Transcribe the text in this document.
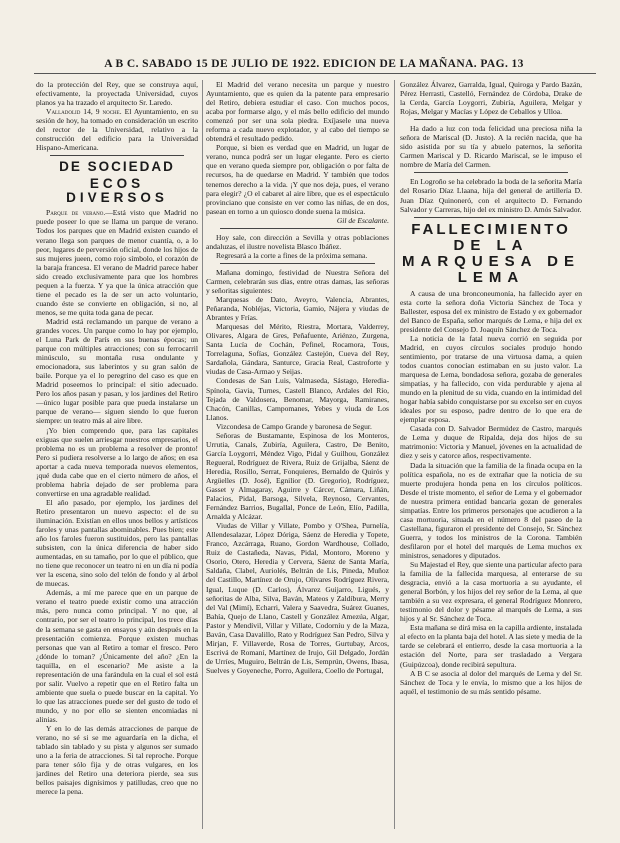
A B C. SABADO 15 DE JULIO DE 1922. EDICION DE LA MAÑANA. PAG. 13

do la protección del Rey, que se construya aquí, efectivamente, la proyectada Universidad, cuyos planos ya ha trazado el arquitecto Sr. Laredo.

Valladolid 14, 9 noche. El Ayuntamiento, en su sesión de hoy, ha tomado en consideración un escrito del rector de la Universidad, relativo a la construcción del edificio para la Universidad Hispano-Americana.

DE SOCIEDAD
ECOS DIVERSOS

Parque de verano.—Está visto que Madrid no puede poseer lo que se llama un parque de verano. Todos los parques que en Madrid existen cuando el verano llega son parques de menor cuantía, o, a lo peor, lugares de perversión oficial, donde los hijos de sus mujeres jueen, como rojo símbolo, el corazón de la baraja francesa. El verano de Madrid parece haber sido creado exclusivamente para que los hombres pequen a la fuerza. Y ya que la única atracción que tiene el pecado es la de ser un acto voluntario, cuando éste se convierte en obligación, si no, al menos, se me quita toda gana de pecar.

Madrid está reclamando un parque de verano a grandes voces. Un parque como lo hay por ejemplo, el Luna Park de París en sus buenas épocas; un parque con múltiples atracciones; con su ferrocarril minúsculo, su montaña rusa ondulante y emocionadora, sus laberintos y su gran salón de baile. Porque ya el lo peregrino del caso es que en Madrid poseemos lo principal: el sitio adecuado. Pero los años pasan y pasan, y los jardines del Retiro —único lugar posible para que pueda instalarse un parque de verano— siguen siendo lo que fueron siempre: un teatro más al aire libre.

¡Yo bien comprendo que, para las capitales exiguas que suelen arriesgar nuestros empresarios, el problema no es un problema a resolver de pronto! Pero si pudiera resolverse a lo largo de años; en esa aportar a cada nueva temporada nuevos elementos, ¡qué duda cabe que en el cierto número de años, el problema habría dejado de ser problema para convertirse en una agradable realidad.

El año pasado, por ejemplo, los jardines del Retiro presentaron un nuevo aspecto: el de su iluminación. Existían en ellos unos bellos y artísticos faroles y unas pantallas abominables. Pues bien; este año los faroles fueron sustituidos, pero las pantallas subsisten, con la única diferencia de haber sido aumentadas, en su tamaño, por lo que el público, que no tiene que reconocer un teatro ni en un día ni podía ver la escena, sino solo del telón de fondo y al árbol de muecas.

Además, a mí me parece que en un parque de verano el teatro puede existir como una atracción más, pero nunca como principal. Y no que, al contrario, por ser el teatro lo principal, los trece días de la semana se gasta en ensayos y aún después en la presentación comienza. Porque existen muchas personas que van al Retiro a tomar el fresco. Pero ¿dónde lo toman? ¿Únicamente del año? ¿En la taquilla, en el escenario? Me asiste a la representación de una farándula en la cual el sol está por salir. Vuelvo a repetir que en el Retiro falta un ambiente que suela o puede buscar en la capital. Yo lo que las atracciones puede ser del gusto de todo el mundo, y no por ello se sienten encomiadas ni alinias.

Y en lo de las demás atracciones de parque de verano, no sé si se me aguardaría en la dicha, el tablado sin tablado y su pista y algunos ser sumado uno a la feria de atracciones. Si tal reproche. Porque para tener sólo fija y de otras vulgares, en los jardines del Retiro una deteriora pierde, sea sus bellos paisajes dignísimos y patilludas, creo que no merece la pena.

El Madrid del verano necesita un parque y nuestro Ayuntamiento, que es quien da la patente para empresario del Retiro, debiera estudiar el caso. Con muchos pocos, acaba por formarse algo, y el más bello edificio del mundo comenzó por ser una sola piedra. Exíjasele una nueva reforma a cada nuevo explotador, y al cabo del tiempo se obtendrá el resultado pedido.

Porque, si bien es verdad que en Madrid, un lugar de verano, nunca podrá ser un lugar elegante. Pero es cierto que en verano queda siempre por, obligación o por falta de recursos, ha de quedarse en Madrid. Y también que todos tenemos derecho a la vida. ¡Y que nos deja, pues, el verano para elegir? ¿O el cabaret al aire libre, que es el espectáculo provinciano que consiste en ver como las niñas, de en dos, pasean en torno a un quiosco donde suena la música.

Gil de Escalante.

Hoy sale, con dirección a Sevilla y otras poblaciones andaluzas, el ilustre novelista Blasco Ibáñez.

Regresará a la corte a fines de la próxima semana.

Mañana domingo, festividad de Nuestra Señora del Carmen, celebrarán sus días, entre otras damas, las señoras y señoritas siguientes:

Marquesas de Dato, Aveyro, Valencia, Abrantes, Peñaranda, Nobléjas, Victoria, Gamio, Nájera y viudas de Abrantes y Frías.

Marquesas del Mérito, Riestra, Mortara, Valderrey, Olivares, Algara de Gres, Peñafuente, Ariénzo, Zurgena, Santa Lucía de Cochán, Pefinel, Rocamora, Tous, Torrelaguna, Sofías, González Castejón, Cueva del Rey, Sardañola, Gándara, Santurce, Gracia Real, Castroforte y viudas de Casa-Armao y Seijas.

Condesas de San Luis, Valmaseda, Sástago, Heredia-Spínola, Gavia, Turnes, Castell Blanco, Ardales del Río, Tejada de Valdosera, Benomar, Mayorga, Ramiranes, Chacón, Canillas, Campomanes, Yebes y viuda de Los Llanos.

Vizcondesa de Campo Grande y baronesa de Segur.

Señoras de Bustamante, Espinosa de los Monteros, Urrutia, Canals, Zubiría, Aguilera, Castro, De Benito, García Loygorri, Méndez Vigo, Pidal y Guilhou, González Regueral, Rodríguez de Rivera, Ruiz de Grijalba, Sáenz de Heredia, Rosillo, Serrat, Fonquieres, Bernaldo de Quirós y Argüelles (D. José), Egnilior (D. Gregorio), Rodríguez, Gasset y Almagaray, Aguirre y Cárcer, Cámara, Liñán, Palacios, Pidal, Barsoga, Silvela, Reynoso, Cervantes, Fernández Barrios, Bugallal, Ponce de León, Elío, Padilla, Arnalda y Alcázar.

Viudas de Villar y Villate, Pombo y O'Shea, Purnelía, Allendesalazar, López Dóriga, Sáenz de Heredia y Topete, Franco, Azcárraga, Ruano, Gordon Wardhouse, Collado, Ruiz de Castañeda, Navas, Pidal, Montoro, Moreno y Osorio, Otero, Heredia y Cervera, Sáenz de Santa María, Saldaña, Clabel, Auriolés, Beltrán de Lis, Pineda, Muñoz del Castillo, Martínez de Orujo, Olivares Rodríguez Rivera, Igual, Luque (D. Carlos), Álvarez Guijarro, Ligués, y señoritas de Alba, Silva, Baván, Mateos y Zaldíbura, Merry del Val (Mimí), Echarri, Valera y Saavedra, Suárez Guanes, Bahía, Quejo de Llano, Castell y González Amezúa, Algar, Pastor y Mendívil, Villar y Villate, Codorníu y de la Maza, Baván, Casa Davalillo, Rato y Rodríguez San Pedro, Silva y Mirjan, F. Villaverde, Rosa de Torres, Gurtubay, Arcos, Escrivá de Romaní, Martínez de Irujo, Gil Delgado, Jordán de Urríes, Muguiro, Beltrán de Lis, Semprún, Owens, Ibasa, Suelves y Goyeneche, Porro, Aguilera, Coello de Portugal,

González Álvarez, Garralda, Igual, Quiroga y Pardo Bazán, Pérez Herrasti, Castelló, Fernández de Córdoba, Drake de la Cerda, García Loygorri, Zubiría, Aguilera, Melgar y Rojas, Melgar y Macías y López de Ceballos y Ulloa.

Ha dado a luz con toda felicidad una preciosa niña la señora de Mariscal (D. Justo). A la recién nacida, que ha sido asistida por su tía y abuelo paternos, la señorita Carmen Mariscal y D. Ricardo Mariscal, se le impuso el nombre de María del Carmen.

En Logroño se ha celebrado la boda de la señorita María del Rosario Díaz Llaana, hija del general de artillería D. Juan Díaz Quinoneró, con el arquitecto D. Fernando Salvador y Carreras, hijo del ex ministro D. Amós Salvador.

FALLECIMIENTO
DE LA MARQUESA DE LEMA

A causa de una bronconeumonía, ha fallecido ayer en esta corte la señora doña Victoria Sánchez de Toca y Ballester, esposa del ex ministro de Estado y ex gobernador del Banco de España, señor marqués de Lema, e hija del ex presidente del Consejo D. Joaquín Sánchez de Toca.

La noticia de la fatal nueva corrió en seguida por Madrid, en cuyos círculos sociales produjo hondo sentimiento, por tratarse de una virtuosa dama, a quien todos cuantos conocían estimaban en su justo valor. La marquesa de Lema, bondadosa señora, gozaba de generales simpatías, y ha fallecido, con vida perdurable y ajena al mundo en la plenitud de su vida, cuando en la intimidad del hogar había sabido conquistarse por su excelso ser en cuyos ideales por su esposo, padre dentro de lo que era de ejemplar esposa.

Casada con D. Salvador Bermúdez de Castro, marqués de Lema y duque de Ripalda, deja dos hijos de su matrimonio: Victoria y Manuel, jóvenes en la actualidad de diez y seis y catorce años, respectivamente.

Dada la situación que la familia de la finada ocupa en la política española, no es de extrañar que la noticia de su muerte produjera honda pena en los círculos políticos. Desde el triste momento, el señor de Lema y el gobernador de nuestra primera entidad bancaria gozan de generales simpatías. Entre los primeros personajes que acudieron a la casa mortuoria, situada en el número 8 del paseo de la Castellana, figuraron el presidente del Consejo, Sr. Sánchez Guerra, y todos los ministros de la Corona. También desfilaron por el hotel del marqués de Lema muchos ex ministros, senadores y diputados.

Su Majestad el Rey, que siente una particular afecto para la familia de la fallecida marquesa, al enterarse de su desgracia, envió a la casa mortuoria a su ayudante, el general Borbón, y los hijos del rey señor de la Lema, al que también a su vez expresara, el general Rodríguez Monrero, testimonio del dolor y pésame al marqués de Lema, a sus hijos y al Sr. Sánchez de Toca.

Esta mañana se dirá misa en la capilla ardiente, instalada al efecto en la planta baja del hotel. A las siete y media de la tarde se celebrará el entierro, desde la casa mortuoria a la estación del Norte, para ser trasladado a Vergara (Guipúzcoa), donde recibirá sepultura.

A B C se asocia al dolor del marqués de Lema y del Sr. Sánchez de Toca y le envía, lo mismo que a los hijos de aquél, el testimonio de su más sentido pésame.
